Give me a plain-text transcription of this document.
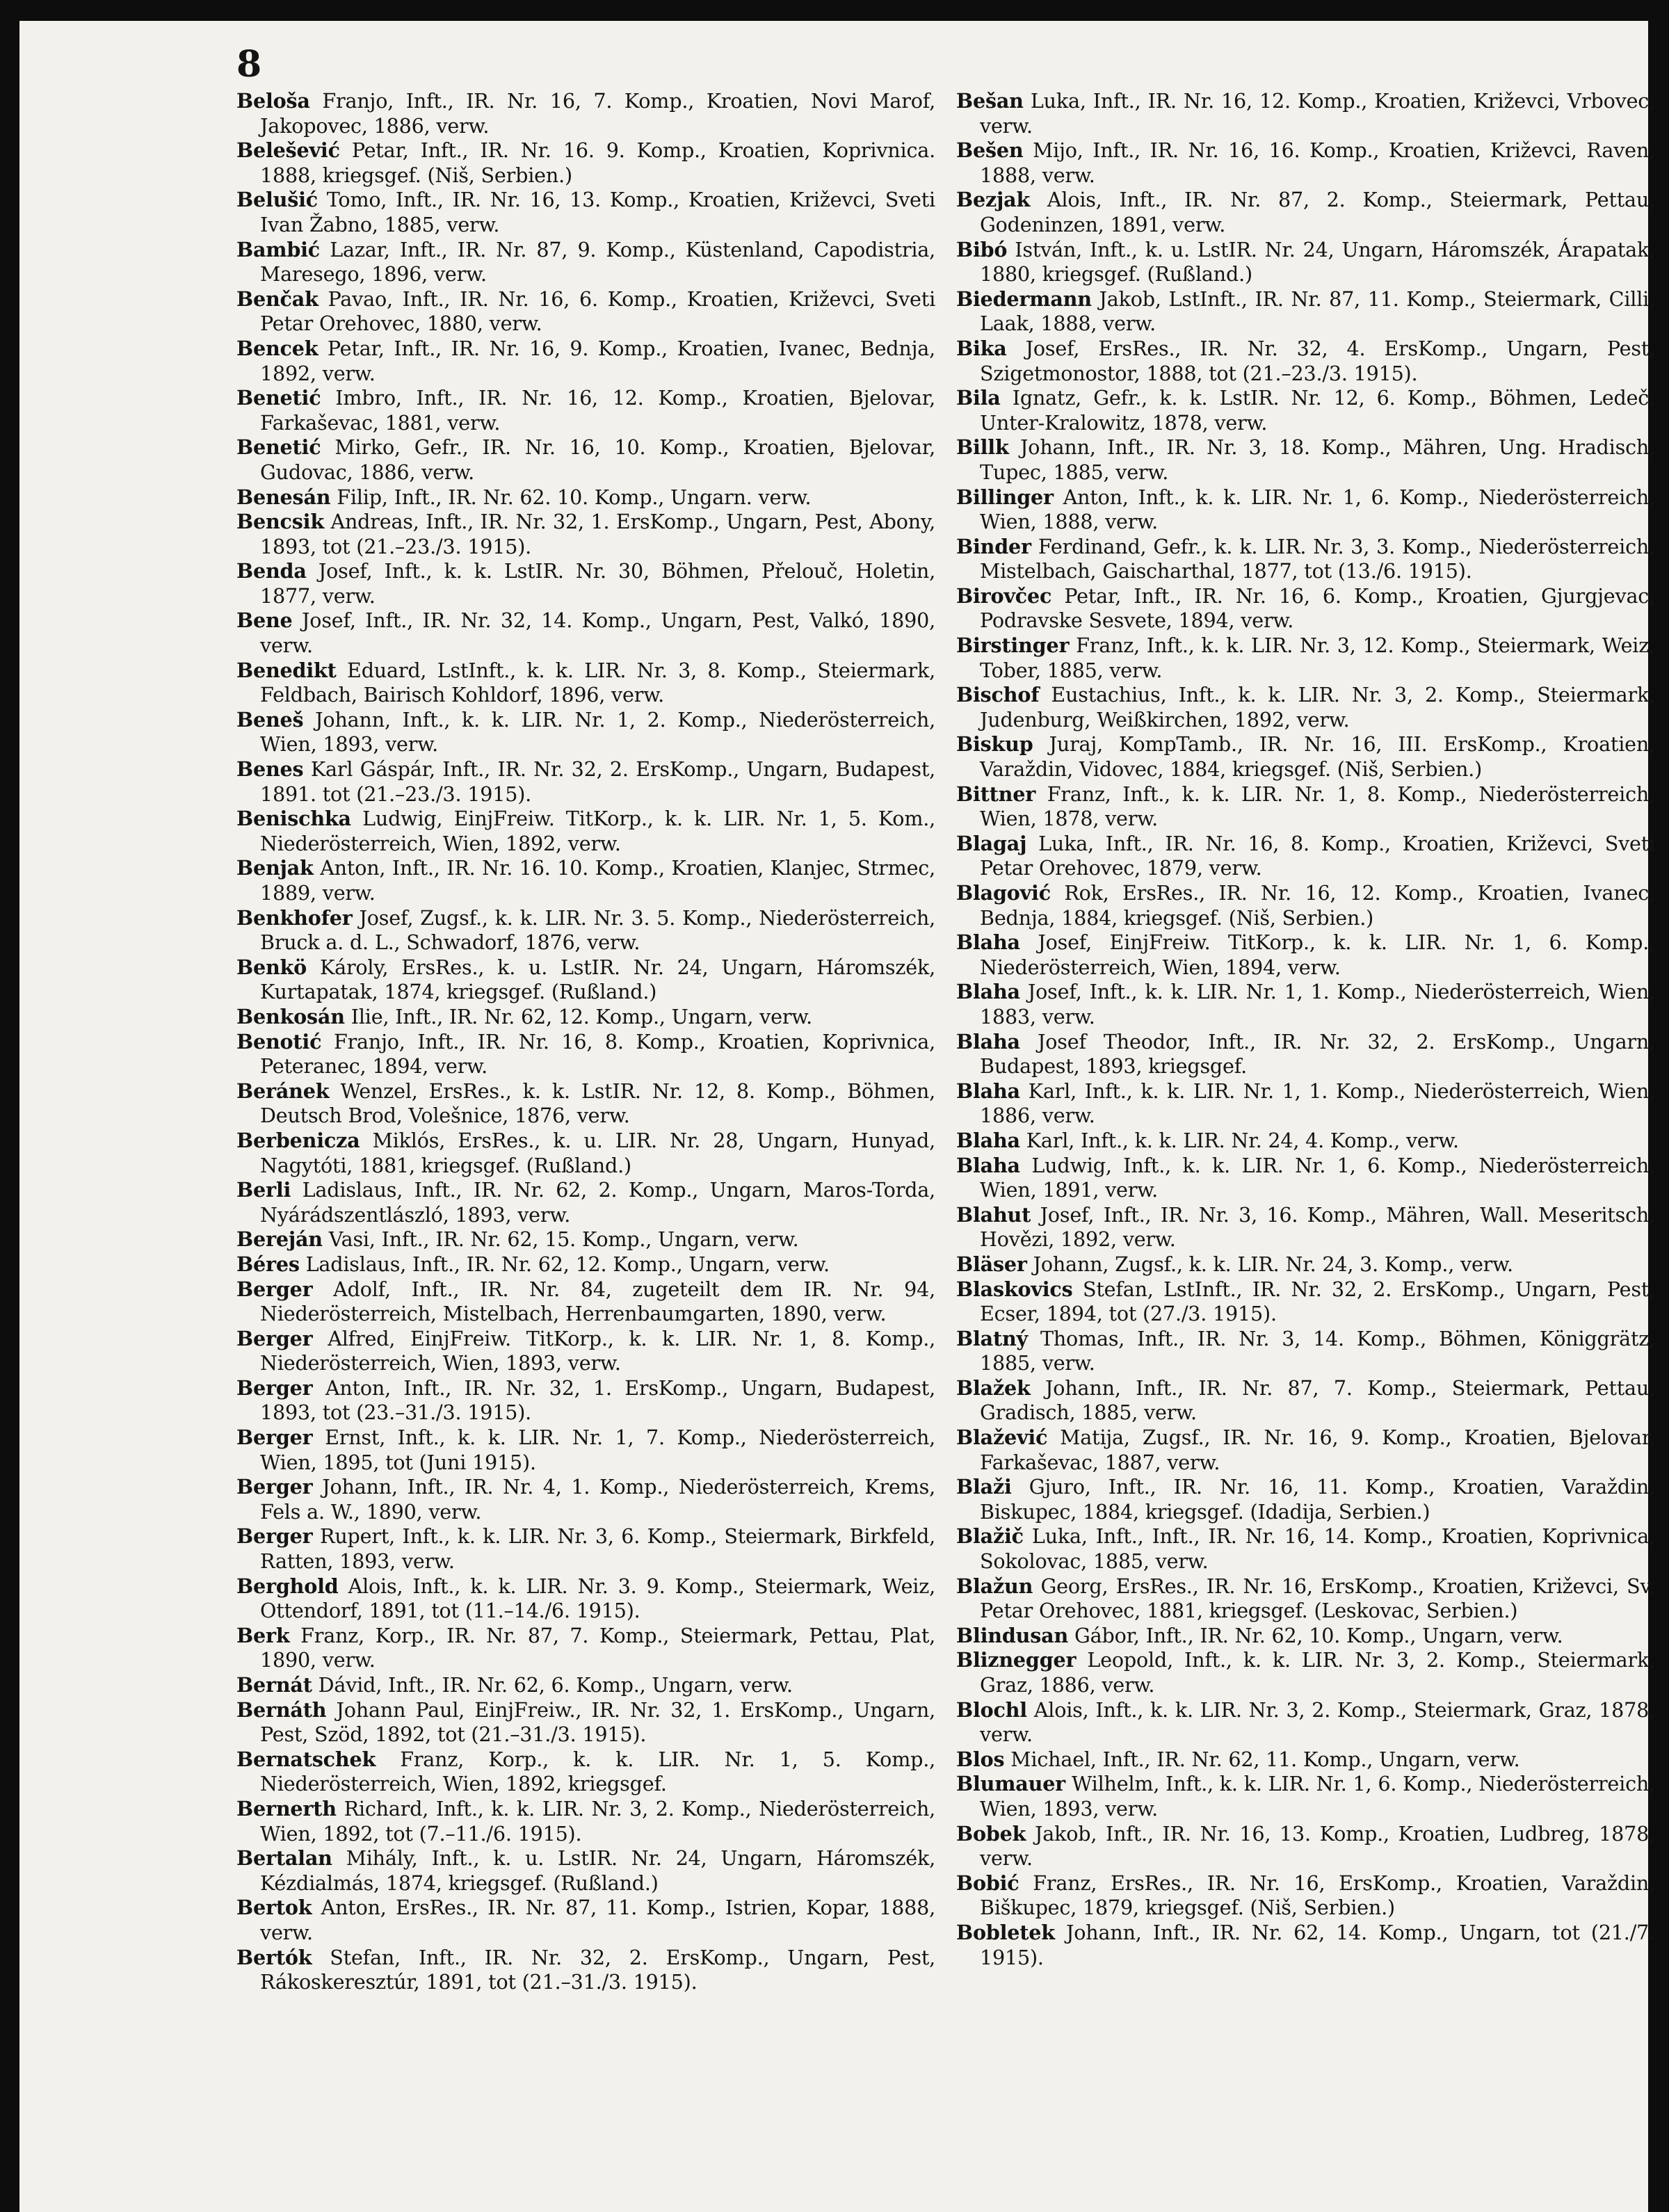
8

Beloša Franjo, Inft., IR. Nr. 16, 7. Komp., Kroatien, Novi Marof, Jakopovec, 1886, verw.

Belešević Petar, Inft., IR. Nr. 16. 9. Komp., Kroatien, Koprivnica. 1888, kriegsgef. (Niš, Serbien.)

Belušić Tomo, Inft., IR. Nr. 16, 13. Komp., Kroatien, Križevci, Sveti Ivan Žabno, 1885, verw.

Bambić Lazar, Inft., IR. Nr. 87, 9. Komp., Küstenland, Capodistria, Maresego, 1896, verw.

Benčak Pavao, Inft., IR. Nr. 16, 6. Komp., Kroatien, Križevci, Sveti Petar Orehovec, 1880, verw.

Bencek Petar, Inft., IR. Nr. 16, 9. Komp., Kroatien, Ivanec, Bednja, 1892, verw.

Benetić Imbro, Inft., IR. Nr. 16, 12. Komp., Kroatien, Bjelovar, Farkaševac, 1881, verw.

Benetić Mirko, Gefr., IR. Nr. 16, 10. Komp., Kroatien, Bjelovar, Gudovac, 1886, verw.

Benesán Filip, Inft., IR. Nr. 62. 10. Komp., Ungarn. verw.

Bencsik Andreas, Inft., IR. Nr. 32, 1. ErsKomp., Ungarn, Pest, Abony, 1893, tot (21.–23./3. 1915).

Benda Josef, Inft., k. k. LstIR. Nr. 30, Böhmen, Přelouč, Holetin, 1877, verw.

Bene Josef, Inft., IR. Nr. 32, 14. Komp., Ungarn, Pest, Valkó, 1890, verw.

Benedikt Eduard, LstInft., k. k. LIR. Nr. 3, 8. Komp., Steiermark, Feldbach, Bairisch Kohldorf, 1896, verw.

Beneš Johann, Inft., k. k. LIR. Nr. 1, 2. Komp., Niederösterreich, Wien, 1893, verw.

Benes Karl Gáspár, Inft., IR. Nr. 32, 2. ErsKomp., Ungarn, Budapest, 1891. tot (21.–23./3. 1915).

Benischka Ludwig, EinjFreiw. TitKorp., k. k. LIR. Nr. 1, 5. Kom., Niederösterreich, Wien, 1892, verw.

Benjak Anton, Inft., IR. Nr. 16. 10. Komp., Kroatien, Klanjec, Strmec, 1889, verw.

Benkhofer Josef, Zugsf., k. k. LIR. Nr. 3. 5. Komp., Niederösterreich, Bruck a. d. L., Schwadorf, 1876, verw.

Benkö Károly, ErsRes., k. u. LstIR. Nr. 24, Ungarn, Háromszék, Kurtapatak, 1874, kriegsgef. (Rußland.)

Benkosán Ilie, Inft., IR. Nr. 62, 12. Komp., Ungarn, verw.

Benotić Franjo, Inft., IR. Nr. 16, 8. Komp., Kroatien, Koprivnica, Peteranec, 1894, verw.

Beránek Wenzel, ErsRes., k. k. LstIR. Nr. 12, 8. Komp., Böhmen, Deutsch Brod, Volešnice, 1876, verw.

Berbenicza Miklós, ErsRes., k. u. LIR. Nr. 28, Ungarn, Hunyad, Nagytóti, 1881, kriegsgef. (Rußland.)

Berli Ladislaus, Inft., IR. Nr. 62, 2. Komp., Ungarn, Maros-Torda, Nyárádszentlászló, 1893, verw.

Berеján Vasi, Inft., IR. Nr. 62, 15. Komp., Ungarn, verw.

Béres Ladislaus, Inft., IR. Nr. 62, 12. Komp., Ungarn, verw.

Berger Adolf, Inft., IR. Nr. 84, zugeteilt dem IR. Nr. 94, Niederösterreich, Mistelbach, Herrenbaumgarten, 1890, verw.

Berger Alfred, EinjFreiw. TitKorp., k. k. LIR. Nr. 1, 8. Komp., Niederösterreich, Wien, 1893, verw.

Berger Anton, Inft., IR. Nr. 32, 1. ErsKomp., Ungarn, Budapest, 1893, tot (23.–31./3. 1915).

Berger Ernst, Inft., k. k. LIR. Nr. 1, 7. Komp., Niederösterreich, Wien, 1895, tot (Juni 1915).

Berger Johann, Inft., IR. Nr. 4, 1. Komp., Niederösterreich, Krems, Fels a. W., 1890, verw.

Berger Rupert, Inft., k. k. LIR. Nr. 3, 6. Komp., Steiermark, Birkfeld, Ratten, 1893, verw.

Berghold Alois, Inft., k. k. LIR. Nr. 3. 9. Komp., Steiermark, Weiz, Ottendorf, 1891, tot (11.–14./6. 1915).

Berk Franz, Korp., IR. Nr. 87, 7. Komp., Steiermark, Pettau, Plat, 1890, verw.

Bernát Dávid, Inft., IR. Nr. 62, 6. Komp., Ungarn, verw.

Bernáth Johann Paul, EinjFreiw., IR. Nr. 32, 1. ErsKomp., Ungarn, Pest, Szöd, 1892, tot (21.–31./3. 1915).

Bernatschek Franz, Korp., k. k. LIR. Nr. 1, 5. Komp., Niederösterreich, Wien, 1892, kriegsgef.

Bernerth Richard, Inft., k. k. LIR. Nr. 3, 2. Komp., Niederösterreich, Wien, 1892, tot (7.–11./6. 1915).

Bertalan Mihály, Inft., k. u. LstIR. Nr. 24, Ungarn, Háromszék, Kézdialmás, 1874, kriegsgef. (Rußland.)

Bertok Anton, ErsRes., IR. Nr. 87, 11. Komp., Istrien, Kopar, 1888, verw.

Bertók Stefan, Inft., IR. Nr. 32, 2. ErsKomp., Ungarn, Pest, Rákoskeresztúr, 1891, tot (21.–31./3. 1915).

Bešan Luka, Inft., IR. Nr. 16, 12. Komp., Kroatien, Križevci, Vrbovec, verw.

Bešen Mijo, Inft., IR. Nr. 16, 16. Komp., Kroatien, Križevci, Raven, 1888, verw.

Bezjak Alois, Inft., IR. Nr. 87, 2. Komp., Steiermark, Pettau, Godeninzen, 1891, verw.

Bibó István, Inft., k. u. LstIR. Nr. 24, Ungarn, Háromszék, Árapatak, 1880, kriegsgef. (Rußland.)

Biedermann Jakob, LstInft., IR. Nr. 87, 11. Komp., Steiermark, Cilli, Laak, 1888, verw.

Bika Josef, ErsRes., IR. Nr. 32, 4. ErsKomp., Ungarn, Pest, Szigetmonostor, 1888, tot (21.–23./3. 1915).

Bila Ignatz, Gefr., k. k. LstIR. Nr. 12, 6. Komp., Böhmen, Ledeč, Unter-Kralowitz, 1878, verw.

Billk Johann, Inft., IR. Nr. 3, 18. Komp., Mähren, Ung. Hradisch, Tupec, 1885, verw.

Billinger Anton, Inft., k. k. LIR. Nr. 1, 6. Komp., Niederösterreich, Wien, 1888, verw.

Binder Ferdinand, Gefr., k. k. LIR. Nr. 3, 3. Komp., Niederösterreich, Mistelbach, Gaischarthal, 1877, tot (13./6. 1915).

Birovčec Petar, Inft., IR. Nr. 16, 6. Komp., Kroatien, Gjurgjevac, Podravske Sesvete, 1894, verw.

Birstinger Franz, Inft., k. k. LIR. Nr. 3, 12. Komp., Steiermark, Weiz, Tober, 1885, verw.

Bischof Eustachius, Inft., k. k. LIR. Nr. 3, 2. Komp., Steiermark, Judenburg, Weißkirchen, 1892, verw.

Biskup Juraj, KompTamb., IR. Nr. 16, III. ErsKomp., Kroatien, Varaždin, Vidovec, 1884, kriegsgef. (Niš, Serbien.)

Bittner Franz, Inft., k. k. LIR. Nr. 1, 8. Komp., Niederösterreich, Wien, 1878, verw.

Blagaj Luka, Inft., IR. Nr. 16, 8. Komp., Kroatien, Križevci, Sveti Petar Orehovec, 1879, verw.

Blagović Rok, ErsRes., IR. Nr. 16, 12. Komp., Kroatien, Ivanec, Bednja, 1884, kriegsgef. (Niš, Serbien.)

Blaha Josef, EinjFreiw. TitKorp., k. k. LIR. Nr. 1, 6. Komp., Niederösterreich, Wien, 1894, verw.

Blaha Josef, Inft., k. k. LIR. Nr. 1, 1. Komp., Niederösterreich, Wien, 1883, verw.

Blaha Josef Theodor, Inft., IR. Nr. 32, 2. ErsKomp., Ungarn, Budapest, 1893, kriegsgef.

Blaha Karl, Inft., k. k. LIR. Nr. 1, 1. Komp., Niederösterreich, Wien, 1886, verw.

Blaha Karl, Inft., k. k. LIR. Nr. 24, 4. Komp., verw.

Blaha Ludwig, Inft., k. k. LIR. Nr. 1, 6. Komp., Niederösterreich, Wien, 1891, verw.

Blahut Josef, Inft., IR. Nr. 3, 16. Komp., Mähren, Wall. Meseritsch, Hovězi, 1892, verw.

Bläser Johann, Zugsf., k. k. LIR. Nr. 24, 3. Komp., verw.

Blaskovics Stefan, LstInft., IR. Nr. 32, 2. ErsKomp., Ungarn, Pest, Ecser, 1894, tot (27./3. 1915).

Blatný Thomas, Inft., IR. Nr. 3, 14. Komp., Böhmen, Königgrätz, 1885, verw.

Blažek Johann, Inft., IR. Nr. 87, 7. Komp., Steiermark, Pettau, Gradisch, 1885, verw.

Blažević Matija, Zugsf., IR. Nr. 16, 9. Komp., Kroatien, Bjelovar, Farkaševac, 1887, verw.

Blaži Gjuro, Inft., IR. Nr. 16, 11. Komp., Kroatien, Varaždin, Biskupec, 1884, kriegsgef. (Idadija, Serbien.)

Blažič Luka, Inft., Inft., IR. Nr. 16, 14. Komp., Kroatien, Koprivnica, Sokolovac, 1885, verw.

Blažun Georg, ErsRes., IR. Nr. 16, ErsKomp., Kroatien, Križevci, Sv. Petar Orehovec, 1881, kriegsgef. (Leskovac, Serbien.)

Blindusan Gábor, Inft., IR. Nr. 62, 10. Komp., Ungarn, verw.

Bliznegger Leopold, Inft., k. k. LIR. Nr. 3, 2. Komp., Steiermark, Graz, 1886, verw.

Blochl Alois, Inft., k. k. LIR. Nr. 3, 2. Komp., Steiermark, Graz, 1878, verw.

Blos Michael, Inft., IR. Nr. 62, 11. Komp., Ungarn, verw.

Blumauer Wilhelm, Inft., k. k. LIR. Nr. 1, 6. Komp., Niederösterreich, Wien, 1893, verw.

Bobek Jakob, Inft., IR. Nr. 16, 13. Komp., Kroatien, Ludbreg, 1878, verw.

Bobić Franz, ErsRes., IR. Nr. 16, ErsKomp., Kroatien, Varaždin, Biškupec, 1879, kriegsgef. (Niš, Serbien.)

Bobletek Johann, Inft., IR. Nr. 62, 14. Komp., Ungarn, tot (21./7. 1915).
